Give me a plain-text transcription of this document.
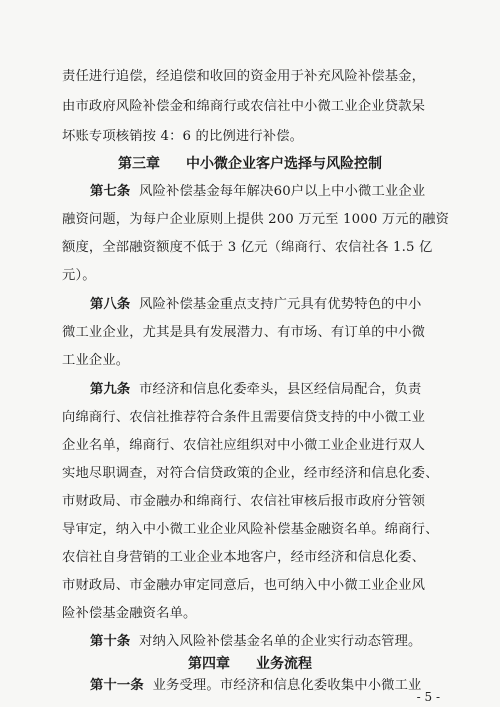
责任进行追偿，经追偿和收回的资金用于补充风险补偿基金，
由市政府风险补偿金和绵商行或农信社中小微工业企业贷款呆
坏账专项核销按 4：6 的比例进行补偿。
第三章 中小微企业客户选择与风险控制
第七条 风险补偿基金每年解决60户以上中小微工业企业
融资问题，为每户企业原则上提供 200 万元至 1000 万元的融资
额度，全部融资额度不低于 3 亿元（绵商行、农信社各 1.5 亿
元）。
第八条 风险补偿基金重点支持广元具有优势特色的中小
微工业企业，尤其是具有发展潜力、有市场、有订单的中小微
工业企业。
第九条 市经济和信息化委牵头，县区经信局配合，负责
向绵商行、农信社推荐符合条件且需要信贷支持的中小微工业
企业名单，绵商行、农信社应组织对中小微工业企业进行双人
实地尽职调查，对符合信贷政策的企业，经市经济和信息化委、
市财政局、市金融办和绵商行、农信社审核后报市政府分管领
导审定，纳入中小微工业企业风险补偿基金融资名单。绵商行、
农信社自身营销的工业企业本地客户，经市经济和信息化委、
市财政局、市金融办审定同意后，也可纳入中小微工业企业风
险补偿基金融资名单。
- 5 -
第十条 对纳入风险补偿基金名单的企业实行动态管理。
第四章 业务流程
第十一条 业务受理。市经济和信息化委收集中小微工业
